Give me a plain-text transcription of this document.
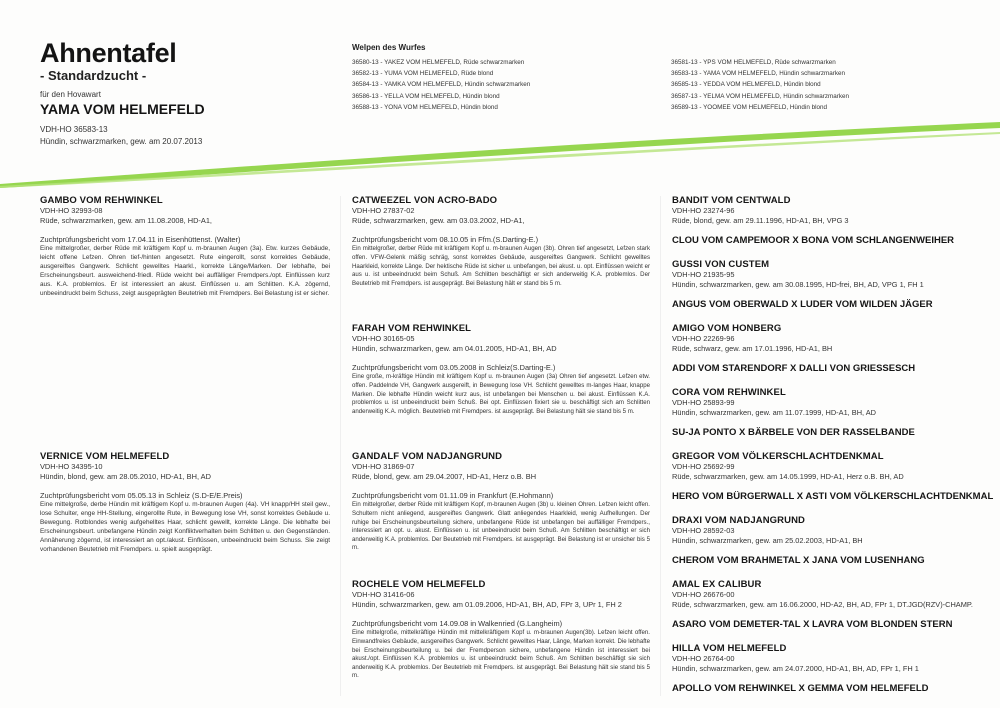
Ahnentafel
- Standardzucht -
für den Hovawart
YAMA VOM HELMEFELD
VDH-HO 36583-13
Hündin, schwarzmarken, gew. am 20.07.2013
Welpen des Wurfes
36580-13 - YAKEZ VOM HELMEFELD, Rüde schwarzmarken
36582-13 - YUMA VOM HELMEFELD, Rüde blond
36584-13 - YAMKA VOM HELMEFELD, Hündin schwarzmarken
36586-13 - YELLA VOM HELMEFELD, Hündin blond
36588-13 - YONA VOM HELMEFELD, Hündin blond
36581-13 - YPS VOM HELMEFELD, Rüde schwarzmarken
36583-13 - YAMA VOM HELMEFELD, Hündin schwarzmarken
36585-13 - YEDDA VOM HELMEFELD, Hündin blond
36587-13 - YELMA VOM HELMEFELD, Hündin schwarzmarken
36589-13 - YOOMEE VOM HELMEFELD, Hündin blond
GAMBO VOM REHWINKEL
VDH-HO 32993-08
Rüde, schwarzmarken, gew. am 11.08.2008, HD-A1,
Zuchtprüfungsbericht vom 17.04.11 in Eisenhüttenst. (Walter)
Eine mittelgroßer, derber Rüde mit kräftigem Kopf u. m-braunen Augen (3a). Etw. kurzes Gebäude, leicht offene Lefzen. Ohren tief-/hinten angesetzt. Rute eingerollt, sonst korrektes Gebäude, ausgereiftes Gangwerk. Schlicht gewelltes Haarkl., korrekte Länge/Marken. Der lebhafte, bei Erscheinungsbeurt. ausweichend-friedl. Rüde weicht bei auffälliger Fremdpers./opt. Einflüssen kurz aus. K.A. problemlos. Er ist interessiert an akust. Einflüssen u. am Schlitten. K.A. zögernd, unbeeindruckt beim Schuss, zeigt ausgeprägten Beutetrieb mit Fremdpers. Bei Belastung ist er sicher.
VERNICE VOM HELMEFELD
VDH-HO 34395-10
Hündin, blond, gew. am 28.05.2010, HD-A1, BH, AD
Zuchtprüfungsbericht vom 05.05.13 in Schleiz (S.D-E/E.Preis)
Eine mittelgroße, derbe Hündin mit kräftigem Kopf u. m-braunen Augen (4a). VH knapp/HH steil gew., lose Schulter, enge HH-Stellung, eingerollte Rute, in Bewegung lose VH, sonst korrektes Gebäude u. Bewegung. Rotblondes wenig aufgehelltes Haar, schlicht gewellt, korrekte Länge. Die lebhafte bei Erscheinungsbeurt. unbefangene Hündin zeigt Konfliktverhalten beim Schlitten u. den Gegenständen. Annäherung zögernd, ist interessiert an opt./akust. Einflüssen, unbeeindruckt beim Schuss. Sie zeigt vorhandenen Beutetrieb mit Fremdpers. u. spielt ausgeprägt.
CATWEEZEL VON ACRO-BADO
VDH-HO 27837-02
Rüde, schwarzmarken, gew. am 03.03.2002, HD-A1,
Zuchtprüfungsbericht vom 08.10.05 in Ffm.(S.Darting-E.)
Ein mittelgroßer, derber Rüde mit kräftigem Kopf u. m-braunen Augen (3b). Ohren tief angesetzt, Lefzen stark offen. VFW-Gelenk mäßig schräg, sonst korrektes Gebäude, ausgereiftes Gangwerk. Schlicht gewelltes Haarkleid, korrekte Länge. Der hektische Rüde ist sicher u. unbefangen, bei akust. u. opt. Einflüssen weicht er aus u. ist unbeeindruckt beim Schuß. Am Schlitten beschäftigt er sich anderweitig K.A. problemlos. Der Beutetrieb mit Fremdpers. ist ausgeprägt. Bei Belastung hält er stand bis 5 m.
FARAH VOM REHWINKEL
VDH-HO 30165-05
Hündin, schwarzmarken, gew. am 04.01.2005, HD-A1, BH, AD
Zuchtprüfungsbericht vom 03.05.2008 in Schleiz(S.Darting-E.)
Eine große, m-kräftige Hündin mit kräftigem Kopf u. m-braunen Augen (3a) Ohren tief angesetzt. Lefzen etw. offen. Paddelnde VH, Gangwerk ausgereift, in Bewegung lose VH. Schlicht gewelltes m-langes Haar, knappe Marken. Die lebhafte Hündin weicht kurz aus, ist unbefangen bei Menschen u. bei akust. Einflüssen K.A. problemlos u. ist unbeeindruckt beim Schuß. Bei opt. Einflüssen fixiert sie u. beschäftigt sich am Schlitten anderweitig K.A. möglich. Beutetrieb mit Fremdpers. ist ausgeprägt. Bei Belastung hält sie stand bis 5 m.
GANDALF VOM NADJANGRUND
VDH-HO 31869-07
Rüde, blond, gew. am 29.04.2007, HD-A1, Herz o.B. BH
Zuchtprüfungsbericht vom 01.11.09 in Frankfurt (E.Hohmann)
Ein mittelgroßer, derber Rüde mit kräftigem Kopf, m-braunen Augen (3b) u. kleinen Ohren. Lefzen leicht offen. Schultern nicht anliegend, ausgereiftes Gangwerk. Glatt anliegendes Haarkleid, wenig Aufhellungen. Der ruhige bei Erscheinungsbeurteilung sichere, unbefangene Rüde ist unbefangen bei auffälliger Fremdpers., interessiert an opt. u. akust. Einflüssen u. ist unbeeindruckt beim Schuß. Am Schlitten beschäftigt er sich anderweitig K.A. problemlos. Der Beutetrieb mit Fremdpers. ist ausgeprägt. Bei Belastung ist er unsicher bis 5 m.
ROCHELE VOM HELMEFELD
VDH-HO 31416-06
Hündin, schwarzmarken, gew. am 01.09.2006, HD-A1, BH, AD, FPr 3, UPr 1, FH 2
Zuchtprüfungsbericht vom 14.09.08 in Walkenried (G.Langheim)
Eine mittelgroße, mittelkräftige Hündin mit mittelkräftigem Kopf u. m-braunen Augen(3b). Lefzen leicht offen. Einwandfreies Gebäude, ausgereiftes Gangwerk. Schlicht gewelltes Haar, Länge, Marken korrekt. Die lebhafte bei Erscheinungsbeurteilung u. bei der Fremdperson sichere, unbefangene Hündin ist interessiert bei akust./opt. Einflüssen K.A. problemlos u. ist unbeeindruckt beim Schuß. Am Schlitten beschäftigt sie sich anderweitig K.A. problemlos. Der Beutetrieb mit Fremdpers. ist ausgeprägt. Bei Belastung hält sie stand bis 5 m.
BANDIT VOM CENTWALD
VDH-HO 23274-96
Rüde, blond, gew. am 29.11.1996, HD-A1, BH, VPG 3
CLOU VOM CAMPEMOOR X BONA VOM SCHLANGENWEIHER
GUSSI VON CUSTEM
VDH-HO 21935-95
Hündin, schwarzmarken, gew. am 30.08.1995, HD-frei, BH, AD, VPG 1, FH 1
ANGUS VOM OBERWALD X LUDER VOM WILDEN JÄGER
AMIGO VOM HONBERG
VDH-HO 22269-96
Rüde, schwarz, gew. am 17.01.1996, HD-A1, BH
ADDI VOM STARENDORF X DALLI VON GRIESSESCH
CORA VOM REHWINKEL
VDH-HO 25893-99
Hündin, schwarzmarken, gew. am 11.07.1999, HD-A1, BH, AD
SU-JA PONTO X BÄRBELE VON DER RASSELBANDE
GREGOR VOM VÖLKERSCHLACHTDENKMAL
VDH-HO 25692-99
Rüde, schwarzmarken, gew. am 14.05.1999, HD-A1, Herz o.B. BH, AD
HERO VOM BÜRGERWALL X ASTI VOM VÖLKERSCHLACHTDENKMAL
DRAXI VOM NADJANGRUND
VDH-HO 28592-03
Hündin, schwarzmarken, gew. am 25.02.2003, HD-A1, BH
CHEROM VOM BRAHMETAL X JANA VOM LUSENHANG
AMAL EX CALIBUR
VDH-HO 26676-00
Rüde, schwarzmarken, gew. am 16.06.2000, HD-A2, BH, AD, FPr 1, DT.JGD(RZV)-CHAMP.
ASARO VOM DEMETER-TAL X LAVRA VOM BLONDEN STERN
HILLA VOM HELMEFELD
VDH-HO 26764-00
Hündin, schwarzmarken, gew. am 24.07.2000, HD-A1, BH, AD, FPr 1, FH 1
APOLLO VOM REHWINKEL X GEMMA VOM HELMEFELD
